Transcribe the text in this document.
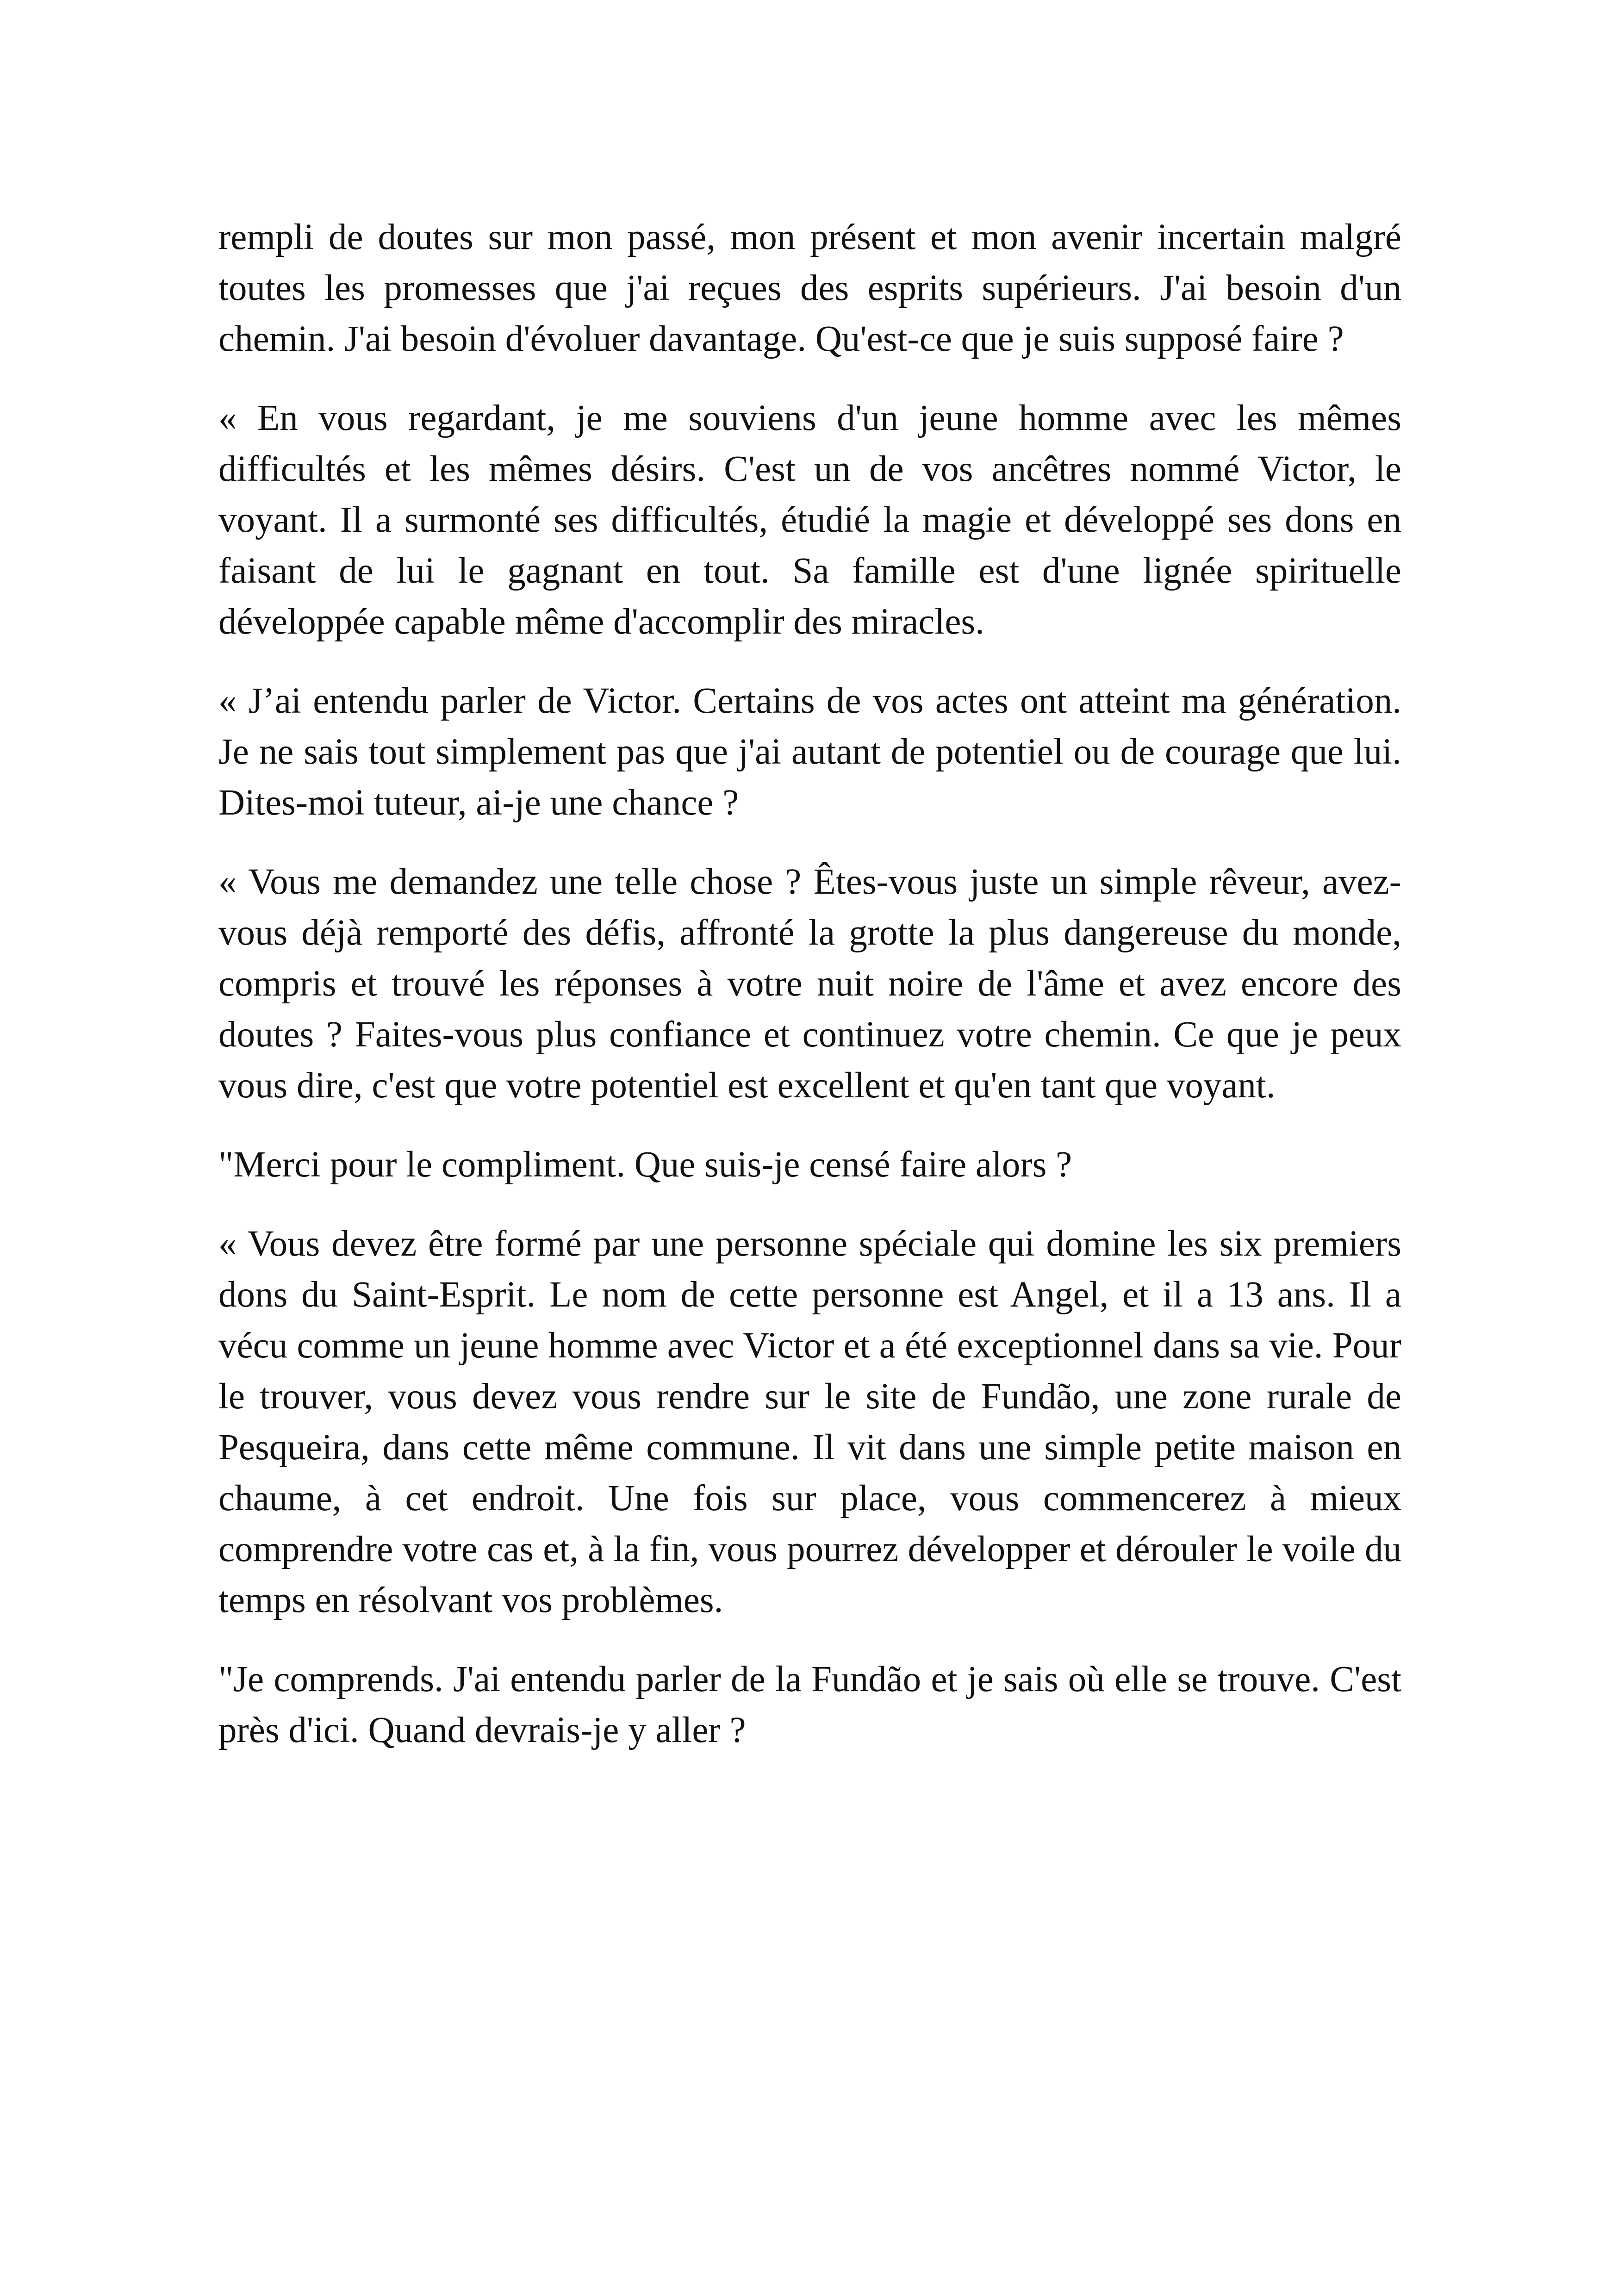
rempli de doutes sur mon passé, mon présent et mon avenir incertain malgré toutes les promesses que j'ai reçues des esprits supérieurs. J'ai besoin d'un chemin. J'ai besoin d'évoluer davantage. Qu'est-ce que je suis supposé faire ?

« En vous regardant, je me souviens d'un jeune homme avec les mêmes difficultés et les mêmes désirs. C'est un de vos ancêtres nommé Victor, le voyant. Il a surmonté ses difficultés, étudié la magie et développé ses dons en faisant de lui le gagnant en tout. Sa famille est d'une lignée spirituelle développée capable même d'accomplir des miracles.

« J’ai entendu parler de Victor. Certains de vos actes ont atteint ma génération. Je ne sais tout simplement pas que j'ai autant de potentiel ou de courage que lui. Dites-moi tuteur, ai-je une chance ?

« Vous me demandez une telle chose ? Êtes-vous juste un simple rêveur, avez-vous déjà remporté des défis, affronté la grotte la plus dangereuse du monde, compris et trouvé les réponses à votre nuit noire de l'âme et avez encore des doutes ? Faites-vous plus confiance et continuez votre chemin. Ce que je peux vous dire, c'est que votre potentiel est excellent et qu'en tant que voyant.

"Merci pour le compliment. Que suis-je censé faire alors ?

« Vous devez être formé par une personne spéciale qui domine les six premiers dons du Saint-Esprit. Le nom de cette personne est Angel, et il a 13 ans. Il a vécu comme un jeune homme avec Victor et a été exceptionnel dans sa vie. Pour le trouver, vous devez vous rendre sur le site de Fundão, une zone rurale de Pesqueira, dans cette même commune. Il vit dans une simple petite maison en chaume, à cet endroit. Une fois sur place, vous commencerez à mieux comprendre votre cas et, à la fin, vous pourrez développer et dérouler le voile du temps en résolvant vos problèmes.

"Je comprends. J'ai entendu parler de la Fundão et je sais où elle se trouve. C'est près d'ici. Quand devrais-je y aller ?
